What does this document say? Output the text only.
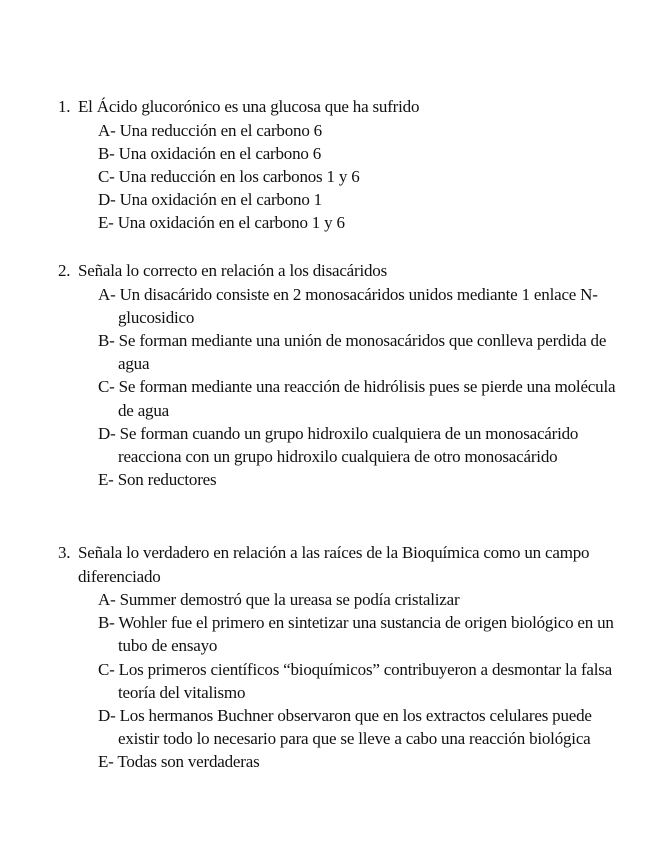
1. El Ácido glucorónico es una glucosa que ha sufrido

A- Una reducción en el carbono 6
B- Una oxidación en el carbono 6
C- Una reducción en los carbonos 1 y 6
D- Una oxidación en el carbono 1
E- Una oxidación en el carbono 1 y 6

2. Señala lo correcto en relación a los disacáridos

A- Un disacárido consiste en 2 monosacáridos unidos mediante 1 enlace N-glucosidico
B- Se forman mediante una unión de monosacáridos que conlleva perdida de agua
C- Se forman mediante una reacción de hidrólisis pues se pierde una molécula de agua
D- Se forman cuando un grupo hidroxilo cualquiera de un monosacárido reacciona con un grupo hidroxilo cualquiera de otro monosacárido
E- Son reductores

3. Señala lo verdadero en relación a las raíces de la Bioquímica como un campo diferenciado

A- Summer demostró que la ureasa se podía cristalizar
B- Wohler fue el primero en sintetizar una sustancia de origen biológico en un tubo de ensayo
C- Los primeros científicos “bioquímicos” contribuyeron a desmontar la falsa teoría del vitalismo
D- Los hermanos Buchner observaron que en los extractos celulares puede existir todo lo necesario para que se lleve a cabo una reacción biológica
E- Todas son verdaderas
